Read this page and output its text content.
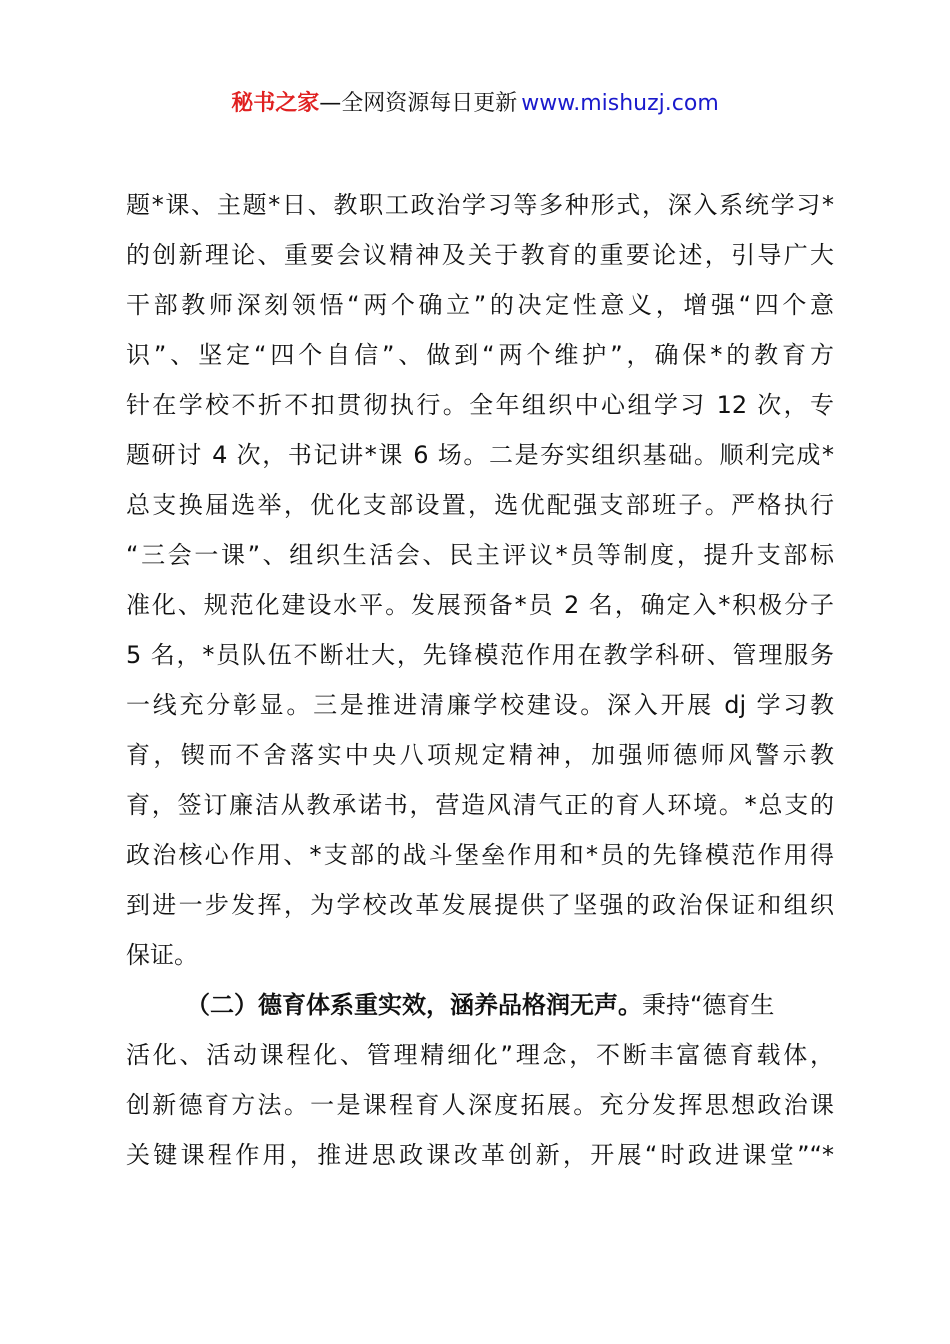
秘书之家—全网资源每日更新 www.mishuzj.com
题*课、主题*日、教职工政治学习等多种形式，深入系统学习*
的创新理论、重要会议精神及关于教育的重要论述，引导广大
干部教师深刻领悟“两个确立”的决定性意义，增强“四个意
识”、坚定“四个自信”、做到“两个维护”，确保*的教育方
针在学校不折不扣贯彻执行。全年组织中心组学习 12 次，专
题研讨 4 次，书记讲*课 6 场。二是夯实组织基础。顺利完成*
总支换届选举，优化支部设置，选优配强支部班子。严格执行
“三会一课”、组织生活会、民主评议*员等制度，提升支部标
准化、规范化建设水平。发展预备*员 2 名，确定入*积极分子
5 名，*员队伍不断壮大，先锋模范作用在教学科研、管理服务
一线充分彰显。三是推进清廉学校建设。深入开展 dj 学习教
育，锲而不舍落实中央八项规定精神，加强师德师风警示教
育，签订廉洁从教承诺书，营造风清气正的育人环境。*总支的
政治核心作用、*支部的战斗堡垒作用和*员的先锋模范作用得
到进一步发挥，为学校改革发展提供了坚强的政治保证和组织
保证。
（二）德育体系重实效，涵养品格润无声。秉持“德育生
活化、活动课程化、管理精细化”理念，不断丰富德育载体，
创新德育方法。一是课程育人深度拓展。充分发挥思想政治课
关键课程作用，推进思政课改革创新，开展“时政进课堂”“*
